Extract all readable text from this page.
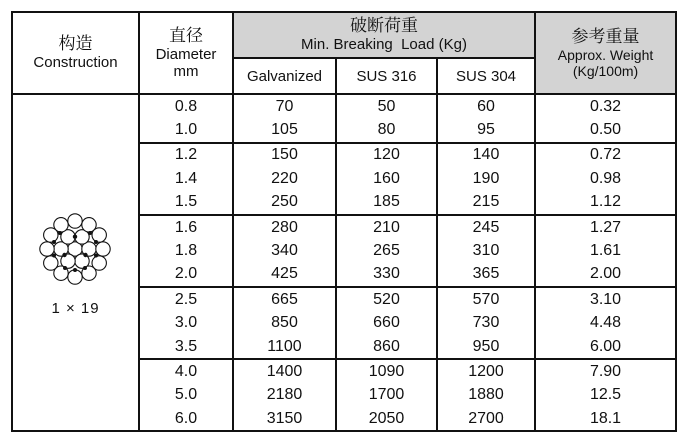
构造
Construction	直径
Diameter
mm	破断荷重
Min. Breaking  Load (Kg)			参考重量
Approx. Weight
(Kg/100m)

		Galvanized	SUS 316	SUS 304	

1 × 19	0.8	70	50	60	0.32
	1.0	105	80	95	0.50
	1.2	150	120	140	0.72
	1.4	220	160	190	0.98
	1.5	250	185	215	1.12
	1.6	280	210	245	1.27
	1.8	340	265	310	1.61
	2.0	425	330	365	2.00
	2.5	665	520	570	3.10
	3.0	850	660	730	4.48
	3.5	1100	860	950	6.00
	4.0	1400	1090	1200	7.90
	5.0	2180	1700	1880	12.5
	6.0	3150	2050	2700	18.1
